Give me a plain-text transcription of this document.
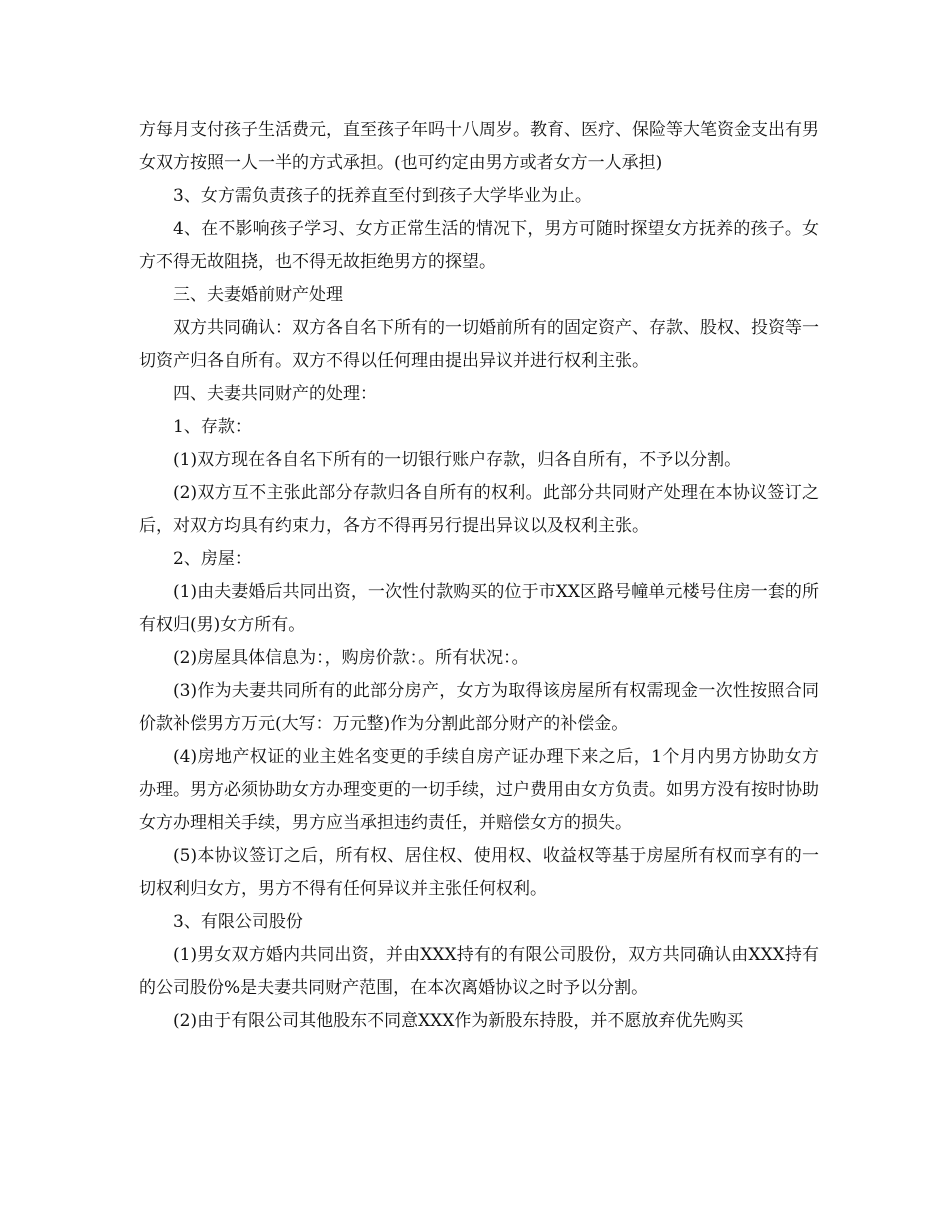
方每月支付孩子生活费元，直至孩子年吗十八周岁。教育、医疗、保险等大笔资金支出有男女双方按照一人一半的方式承担。(也可约定由男方或者女方一人承担)

3、女方需负责孩子的抚养直至付到孩子大学毕业为止。

4、在不影响孩子学习、女方正常生活的情况下，男方可随时探望女方抚养的孩子。女方不得无故阻挠，也不得无故拒绝男方的探望。

三、夫妻婚前财产处理

双方共同确认：双方各自名下所有的一切婚前所有的固定资产、存款、股权、投资等一切资产归各自所有。双方不得以任何理由提出异议并进行权利主张。

四、夫妻共同财产的处理：

1、存款：

(1)双方现在各自名下所有的一切银行账户存款，归各自所有，不予以分割。

(2)双方互不主张此部分存款归各自所有的权利。此部分共同财产处理在本协议签订之后，对双方均具有约束力，各方不得再另行提出异议以及权利主张。

2、房屋：

(1)由夫妻婚后共同出资，一次性付款购买的位于市XX区路号幢单元楼号住房一套的所有权归(男)女方所有。

(2)房屋具体信息为：，购房价款：。所有状况：。

(3)作为夫妻共同所有的此部分房产，女方为取得该房屋所有权需现金一次性按照合同价款补偿男方万元(大写：万元整)作为分割此部分财产的补偿金。

(4)房地产权证的业主姓名变更的手续自房产证办理下来之后，1个月内男方协助女方办理。男方必须协助女方办理变更的一切手续，过户费用由女方负责。如男方没有按时协助女方办理相关手续，男方应当承担违约责任，并赔偿女方的损失。

(5)本协议签订之后，所有权、居住权、使用权、收益权等基于房屋所有权而享有的一切权利归女方，男方不得有任何异议并主张任何权利。

3、有限公司股份

(1)男女双方婚内共同出资，并由XXX持有的有限公司股份，双方共同确认由XXX持有的公司股份%是夫妻共同财产范围，在本次离婚协议之时予以分割。

(2)由于有限公司其他股东不同意XXX作为新股东持股，并不愿放弃优先购买
